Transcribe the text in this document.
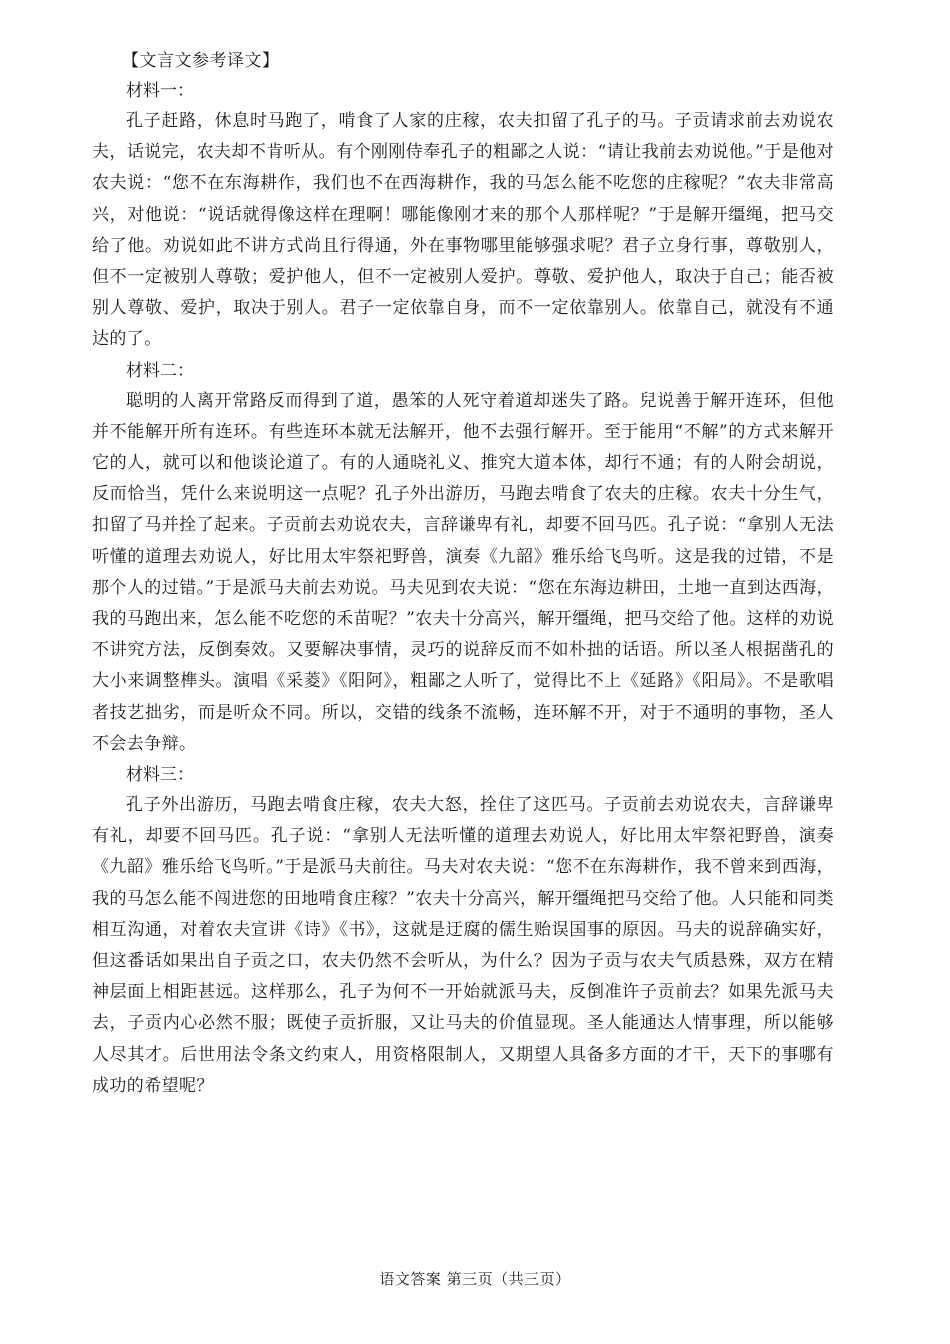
【文言文参考译文】
材料一：

孔子赶路，休息时马跑了，啃食了人家的庄稼，农夫扣留了孔子的马。子贡请求前去劝说农夫，话说完，农夫却不肯听从。有个刚刚侍奉孔子的粗鄙之人说：“请让我前去劝说他。”于是他对农夫说：“您不在东海耕作，我们也不在西海耕作，我的马怎么能不吃您的庄稼呢？”农夫非常高兴，对他说：“说话就得像这样在理啊！哪能像刚才来的那个人那样呢？”于是解开缰绳，把马交给了他。劝说如此不讲方式尚且行得通，外在事物哪里能够强求呢？君子立身行事，尊敬别人，但不一定被别人尊敬；爱护他人，但不一定被别人爱护。尊敬、爱护他人，取决于自己；能否被别人尊敬、爱护，取决于别人。君子一定依靠自身，而不一定依靠别人。依靠自己，就没有不通达的了。

材料二：

聪明的人离开常路反而得到了道，愚笨的人死守着道却迷失了路。兒说善于解开连环，但他并不能解开所有连环。有些连环本就无法解开，他不去强行解开。至于能用“不解”的方式来解开它的人，就可以和他谈论道了。有的人通晓礼义、推究大道本体，却行不通；有的人附会胡说，反而恰当，凭什么来说明这一点呢？孔子外出游历，马跑去啃食了农夫的庄稼。农夫十分生气，扣留了马并拴了起来。子贡前去劝说农夫，言辞谦卑有礼，却要不回马匹。孔子说：“拿别人无法听懂的道理去劝说人，好比用太牢祭祀野兽，演奏《九韶》雅乐给飞鸟听。这是我的过错，不是那个人的过错。”于是派马夫前去劝说。马夫见到农夫说：“您在东海边耕田，土地一直到达西海，我的马跑出来，怎么能不吃您的禾苗呢？”农夫十分高兴，解开缰绳，把马交给了他。这样的劝说不讲究方法，反倒奏效。又要解决事情，灵巧的说辞反而不如朴拙的话语。所以圣人根据凿孔的大小来调整榫头。演唱《采菱》《阳阿》，粗鄙之人听了，觉得比不上《延路》《阳局》。不是歌唱者技艺拙劣，而是听众不同。所以，交错的线条不流畅，连环解不开，对于不通明的事物，圣人不会去争辩。

材料三：

孔子外出游历，马跑去啃食庄稼，农夫大怒，拴住了这匹马。子贡前去劝说农夫，言辞谦卑有礼，却要不回马匹。孔子说：“拿别人无法听懂的道理去劝说人，好比用太牢祭祀野兽，演奏《九韶》雅乐给飞鸟听。”于是派马夫前往。马夫对农夫说：“您不在东海耕作，我不曾来到西海，我的马怎么能不闯进您的田地啃食庄稼？”农夫十分高兴，解开缰绳把马交给了他。人只能和同类相互沟通，对着农夫宣讲《诗》《书》，这就是迂腐的儒生贻误国事的原因。马夫的说辞确实好，但这番话如果出自子贡之口，农夫仍然不会听从，为什么？因为子贡与农夫气质悬殊，双方在精神层面上相距甚远。这样那么，孔子为何不一开始就派马夫，反倒准许子贡前去？如果先派马夫去，子贡内心必然不服；既使子贡折服，又让马夫的价值显现。圣人能通达人情事理，所以能够人尽其才。后世用法令条文约束人，用资格限制人，又期望人具备多方面的才干，天下的事哪有成功的希望呢？

语文答案 第三页（共三页）
